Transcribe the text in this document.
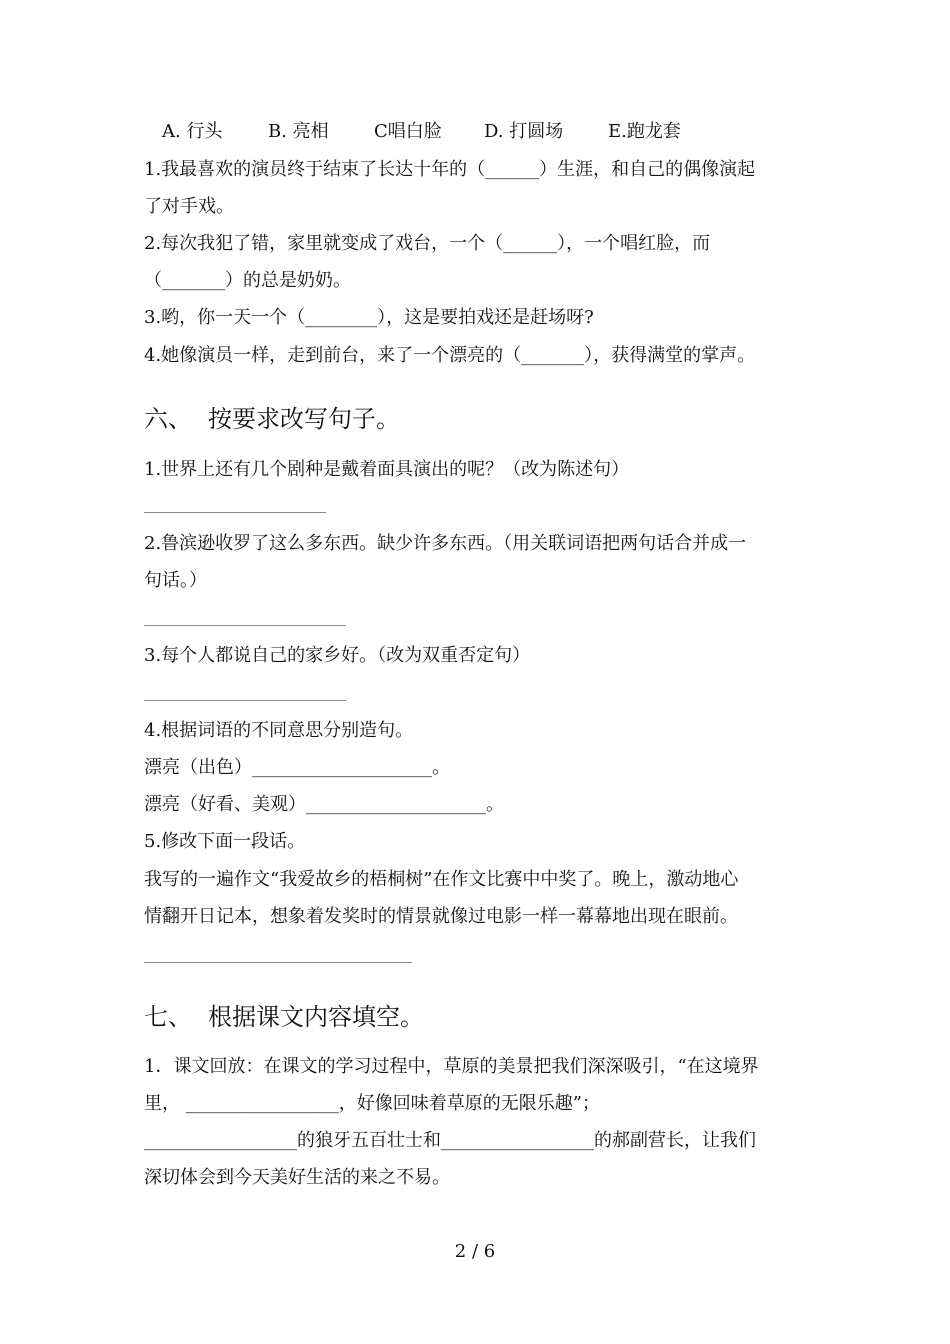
A. 行头	B. 亮相	C唱白脸 D. 打圆场 E.跑龙套
1.我最喜欢的演员终于结束了长达十年的（______）生涯，和自己的偶像演起
了对手戏。
2.每次我犯了错，家里就变成了戏台，一个（______），一个唱红脸，而
（_______）的总是奶奶。
3.哟，你一天一个（________），这是要拍戏还是赶场呀?
4.她像演员一样，走到前台，来了一个漂亮的（_______），获得满堂的掌声。
六、 按要求改写句子。
1.世界上还有几个剧种是戴着面具演出的呢？（改为陈述句）
2.鲁滨逊收罗了这么多东西。缺少许多东西。（用关联词语把两句话合并成一
句话。）
3.每个人都说自己的家乡好。（改为双重否定句）
4.根据词语的不同意思分别造句。
漂亮（出色）____________________。
漂亮（好看、美观）____________________。
5.修改下面一段话。
我写的一遍作文“我爱故乡的梧桐树”在作文比赛中中奖了。晚上，激动地心
情翻开日记本，想象着发奖时的情景就像过电影一样一幕幕地出现在眼前。
七、 根据课文内容填空。
1．课文回放：在课文的学习过程中，草原的美景把我们深深吸引，“在这境界
里， _________________，好像回味着草原的无限乐趣”；
_________________的狼牙五百壮士和_________________的郝副营长，让我们
深切体会到今天美好生活的来之不易。
2 / 6
